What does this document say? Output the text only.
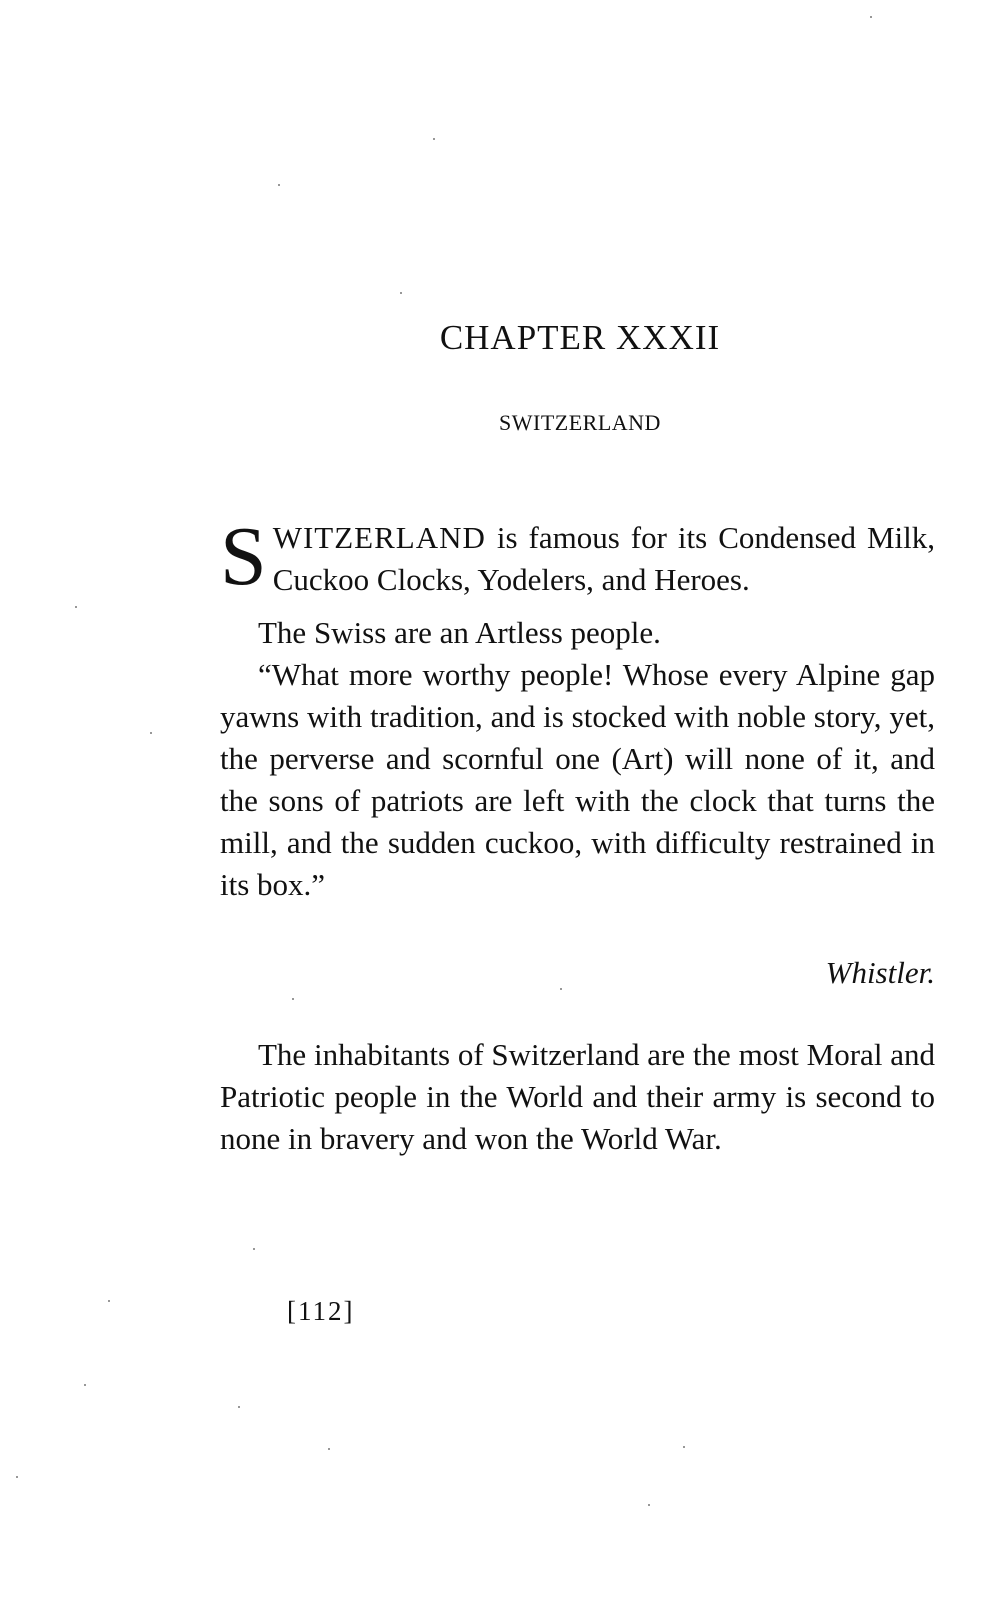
CHAPTER XXXII
SWITZERLAND

SWITZERLAND is famous for its Condensed Milk, Cuckoo Clocks, Yodelers, and Heroes.

The Swiss are an Artless people.

“What more worthy people! Whose every Alpine gap yawns with tradition, and is stocked with noble story, yet, the perverse and scornful one (Art) will none of it, and the sons of patriots are left with the clock that turns the mill, and the sudden cuckoo, with difficulty restrained in its box.”

Whistler.

The inhabitants of Switzerland are the most Moral and Patriotic people in the World and their army is second to none in bravery and won the World War.

[112]
